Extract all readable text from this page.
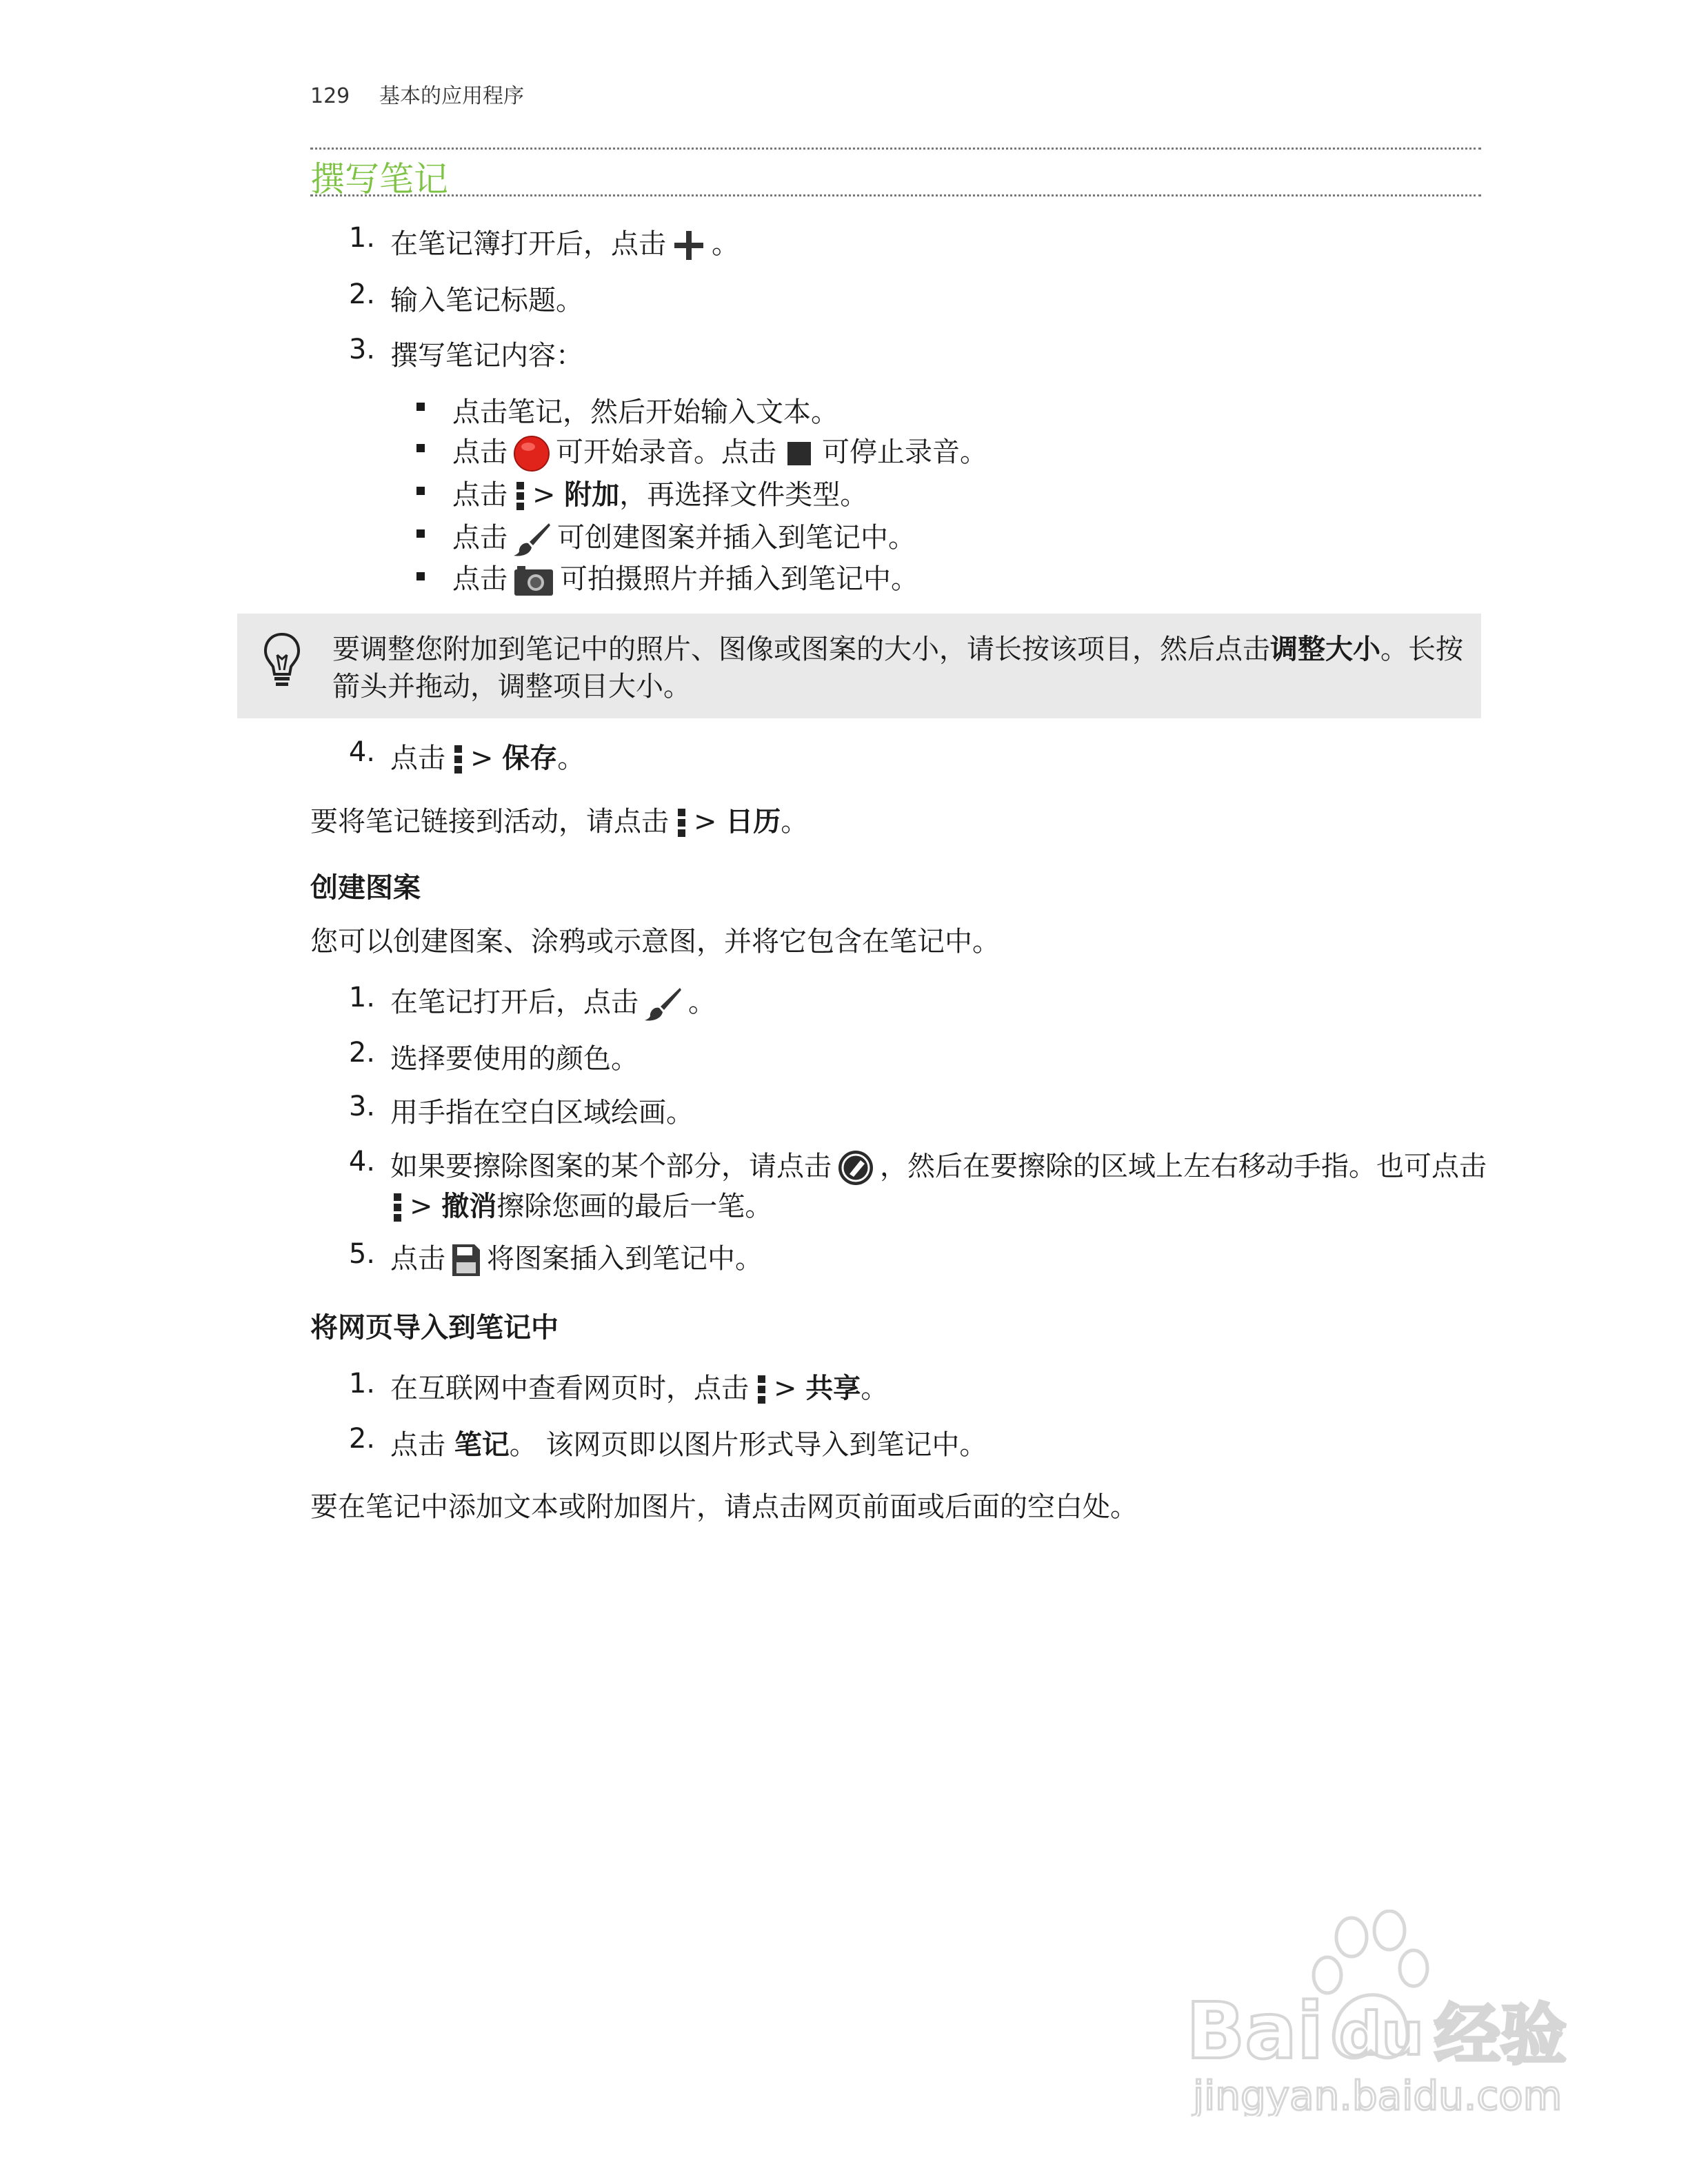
129 基本的应用程序
撰写笔记
1. 在笔记簿打开后，点击 。
2. 输入笔记标题。
3. 撰写笔记内容：
点击笔记，然后开始输入文本。
点击 可开始录音。点击 可停止录音。
点击 > 附加，再选择文件类型。
点击 可创建图案并插入到笔记中。
点击 可拍摄照片并插入到笔记中。
要调整您附加到笔记中的照片、图像或图案的大小，请长按该项目，然后点击调整大小。长按
箭头并拖动，调整项目大小。
4. 点击 > 保存。
要将笔记链接到活动，请点击 > 日历。
创建图案
您可以创建图案、涂鸦或示意图，并将它包含在笔记中。
1. 在笔记打开后，点击 。
2. 选择要使用的颜色。
3. 用手指在空白区域绘画。
4. 如果要擦除图案的某个部分，请点击 ，然后在要擦除的区域上左右移动手指。也可点击
> 撤消擦除您画的最后一笔。
5. 点击 将图案插入到笔记中。
将网页导入到笔记中
1. 在互联网中查看网页时，点击 > 共享。
2. 点击 笔记。 该网页即以图片形式导入到笔记中。
要在笔记中添加文本或附加图片，请点击网页前面或后面的空白处。
Bai du 经验
jingyan.baidu.com
